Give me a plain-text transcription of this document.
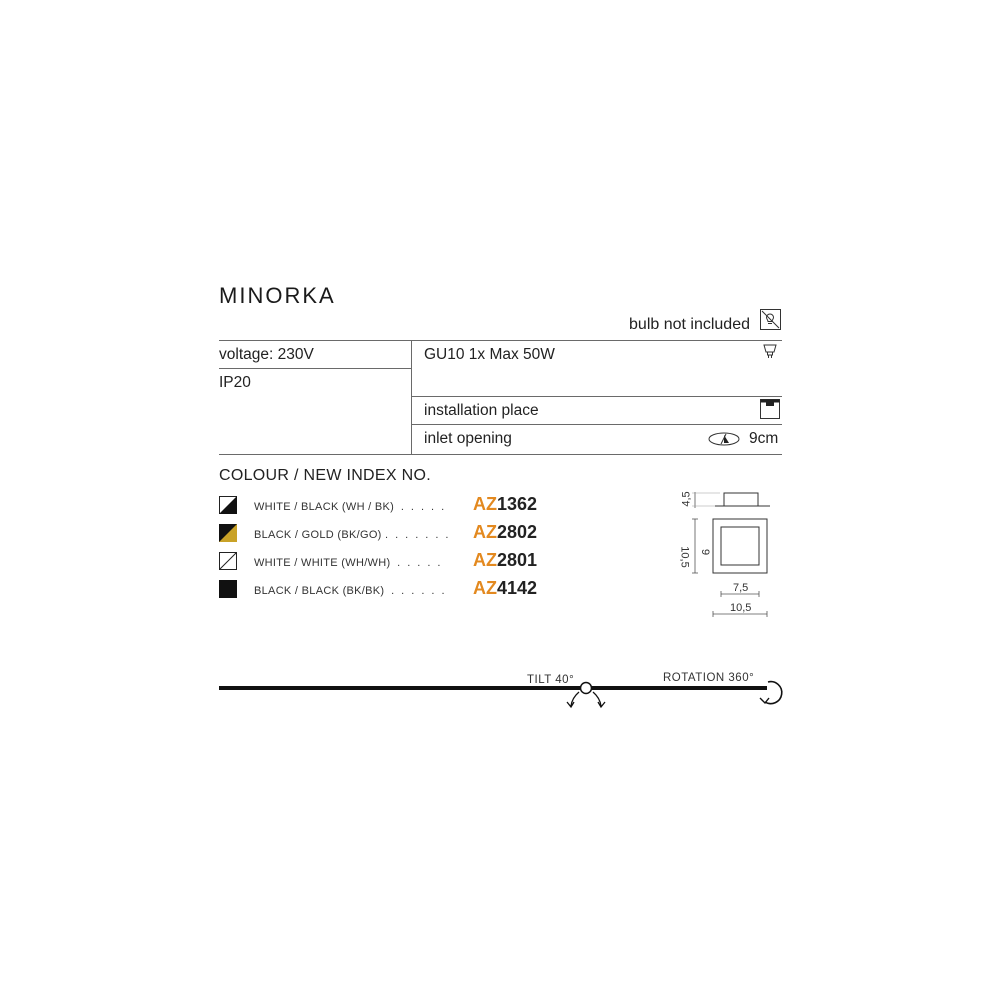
MINORKA
bulb not included
voltage: 230V
IP20
GU10 1x Max 50W
installation place
inlet opening	9cm
COLOUR / NEW INDEX NO.
WHITE / BLACK (WH / BK)  .  .  .  .  . AZ1362
BLACK / GOLD (BK/GO) .  .  .  .  .  .  . AZ2802
WHITE / WHITE (WH/WH)  .  .  .  .  . AZ2801
BLACK / BLACK (BK/BK)  .  .  .  .  .  . AZ4142
4,5
10,5 9
7,5
10,5
TILT 40°	ROTATION 360°
